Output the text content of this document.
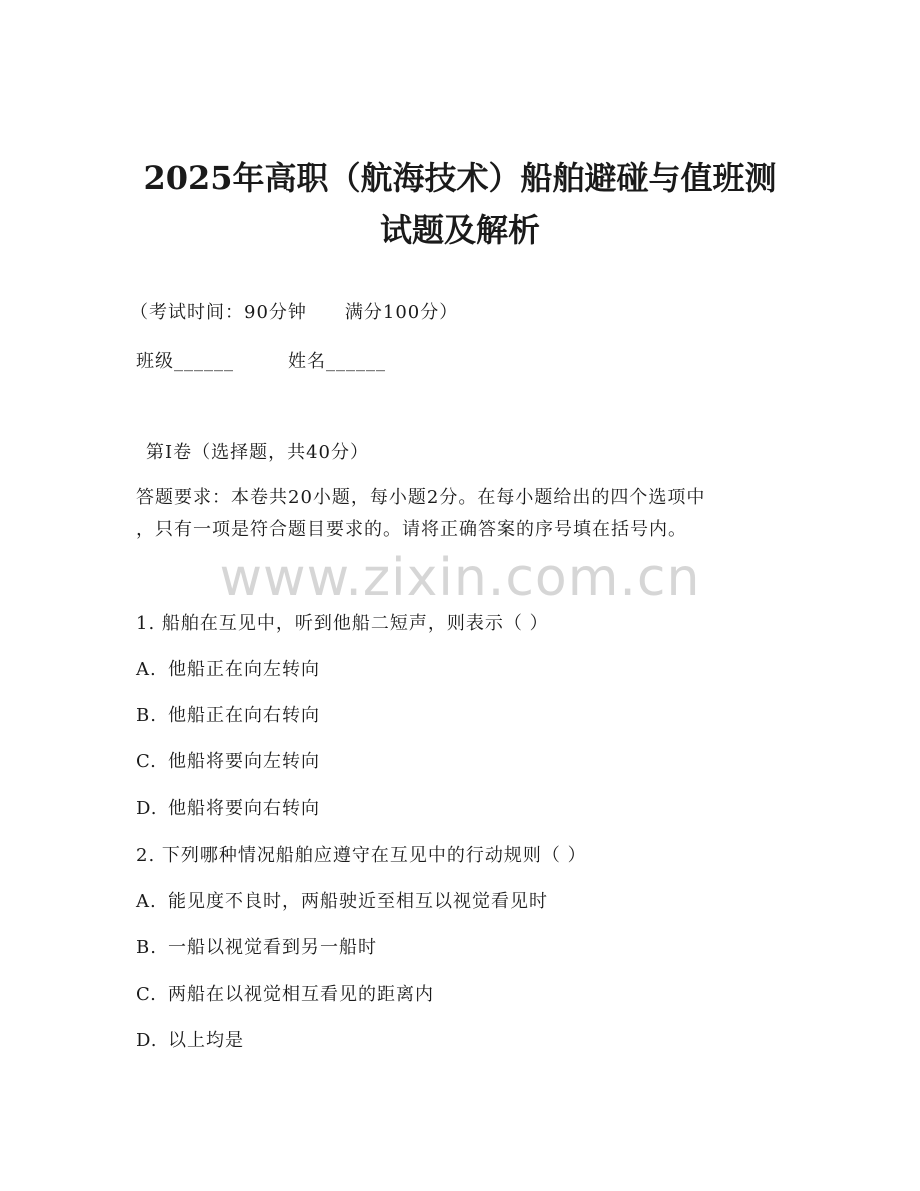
2025年高职（航海技术）船舶避碰与值班测
试题及解析
（考试时间：90分钟　　满分100分）
班级______	姓名______
第Ⅰ卷（选择题，共40分）
答题要求：本卷共20小题，每小题2分。在每小题给出的四个选项中
，只有一项是符合题目要求的。请将正确答案的序号填在括号内。
www.zixin.com.cn
1. 船舶在互见中，听到他船二短声，则表示（ ）
A. 他船正在向左转向
B. 他船正在向右转向
C. 他船将要向左转向
D. 他船将要向右转向
2. 下列哪种情况船舶应遵守在互见中的行动规则（ ）
A. 能见度不良时，两船驶近至相互以视觉看见时
B. 一船以视觉看到另一船时
C. 两船在以视觉相互看见的距离内
D. 以上均是
